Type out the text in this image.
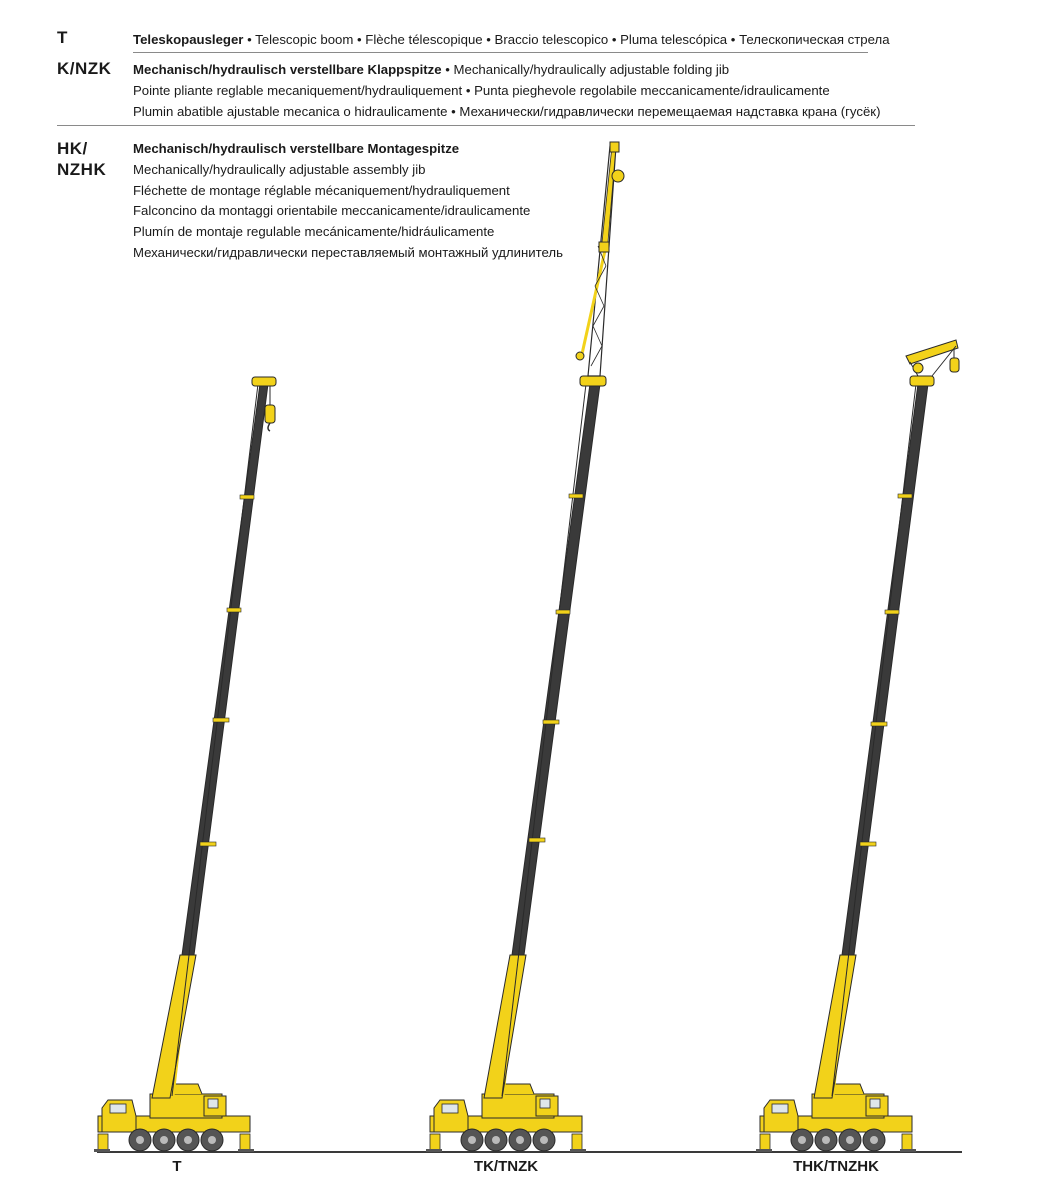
T	Teleskopausleger • Telescopic boom • Flèche télescopique • Braccio telescopico • Pluma telescópica • Телескопическая стрела
K/NZK Mechanisch/hydraulisch verstellbare Klappspitze • Mechanically/hydraulically adjustable folding jib
Pointe pliante reglable mecaniquement/hydrauliquement • Punta pieghevole regolabile meccanicamente/idraulicamente
Plumin abatible ajustable mecanica o hidraulicamente • Механически/гидравлически перемещаемая надставка крана (гусёк)
HK/
NZHK
Mechanisch/hydraulisch verstellbare Montagespitze
Mechanically/hydraulically adjustable assembly jib
Fléchette de montage réglable mécaniquement/hydrauliquement
Falconcino da montaggi orientabile meccanicamente/idraulicamente
Plumín de montaje regulable mecánicamente/hidráulicamente
Механически/гидравлически переставляемый монтажный удлинитель
T	TK/TNZK	THK/TNZHK
